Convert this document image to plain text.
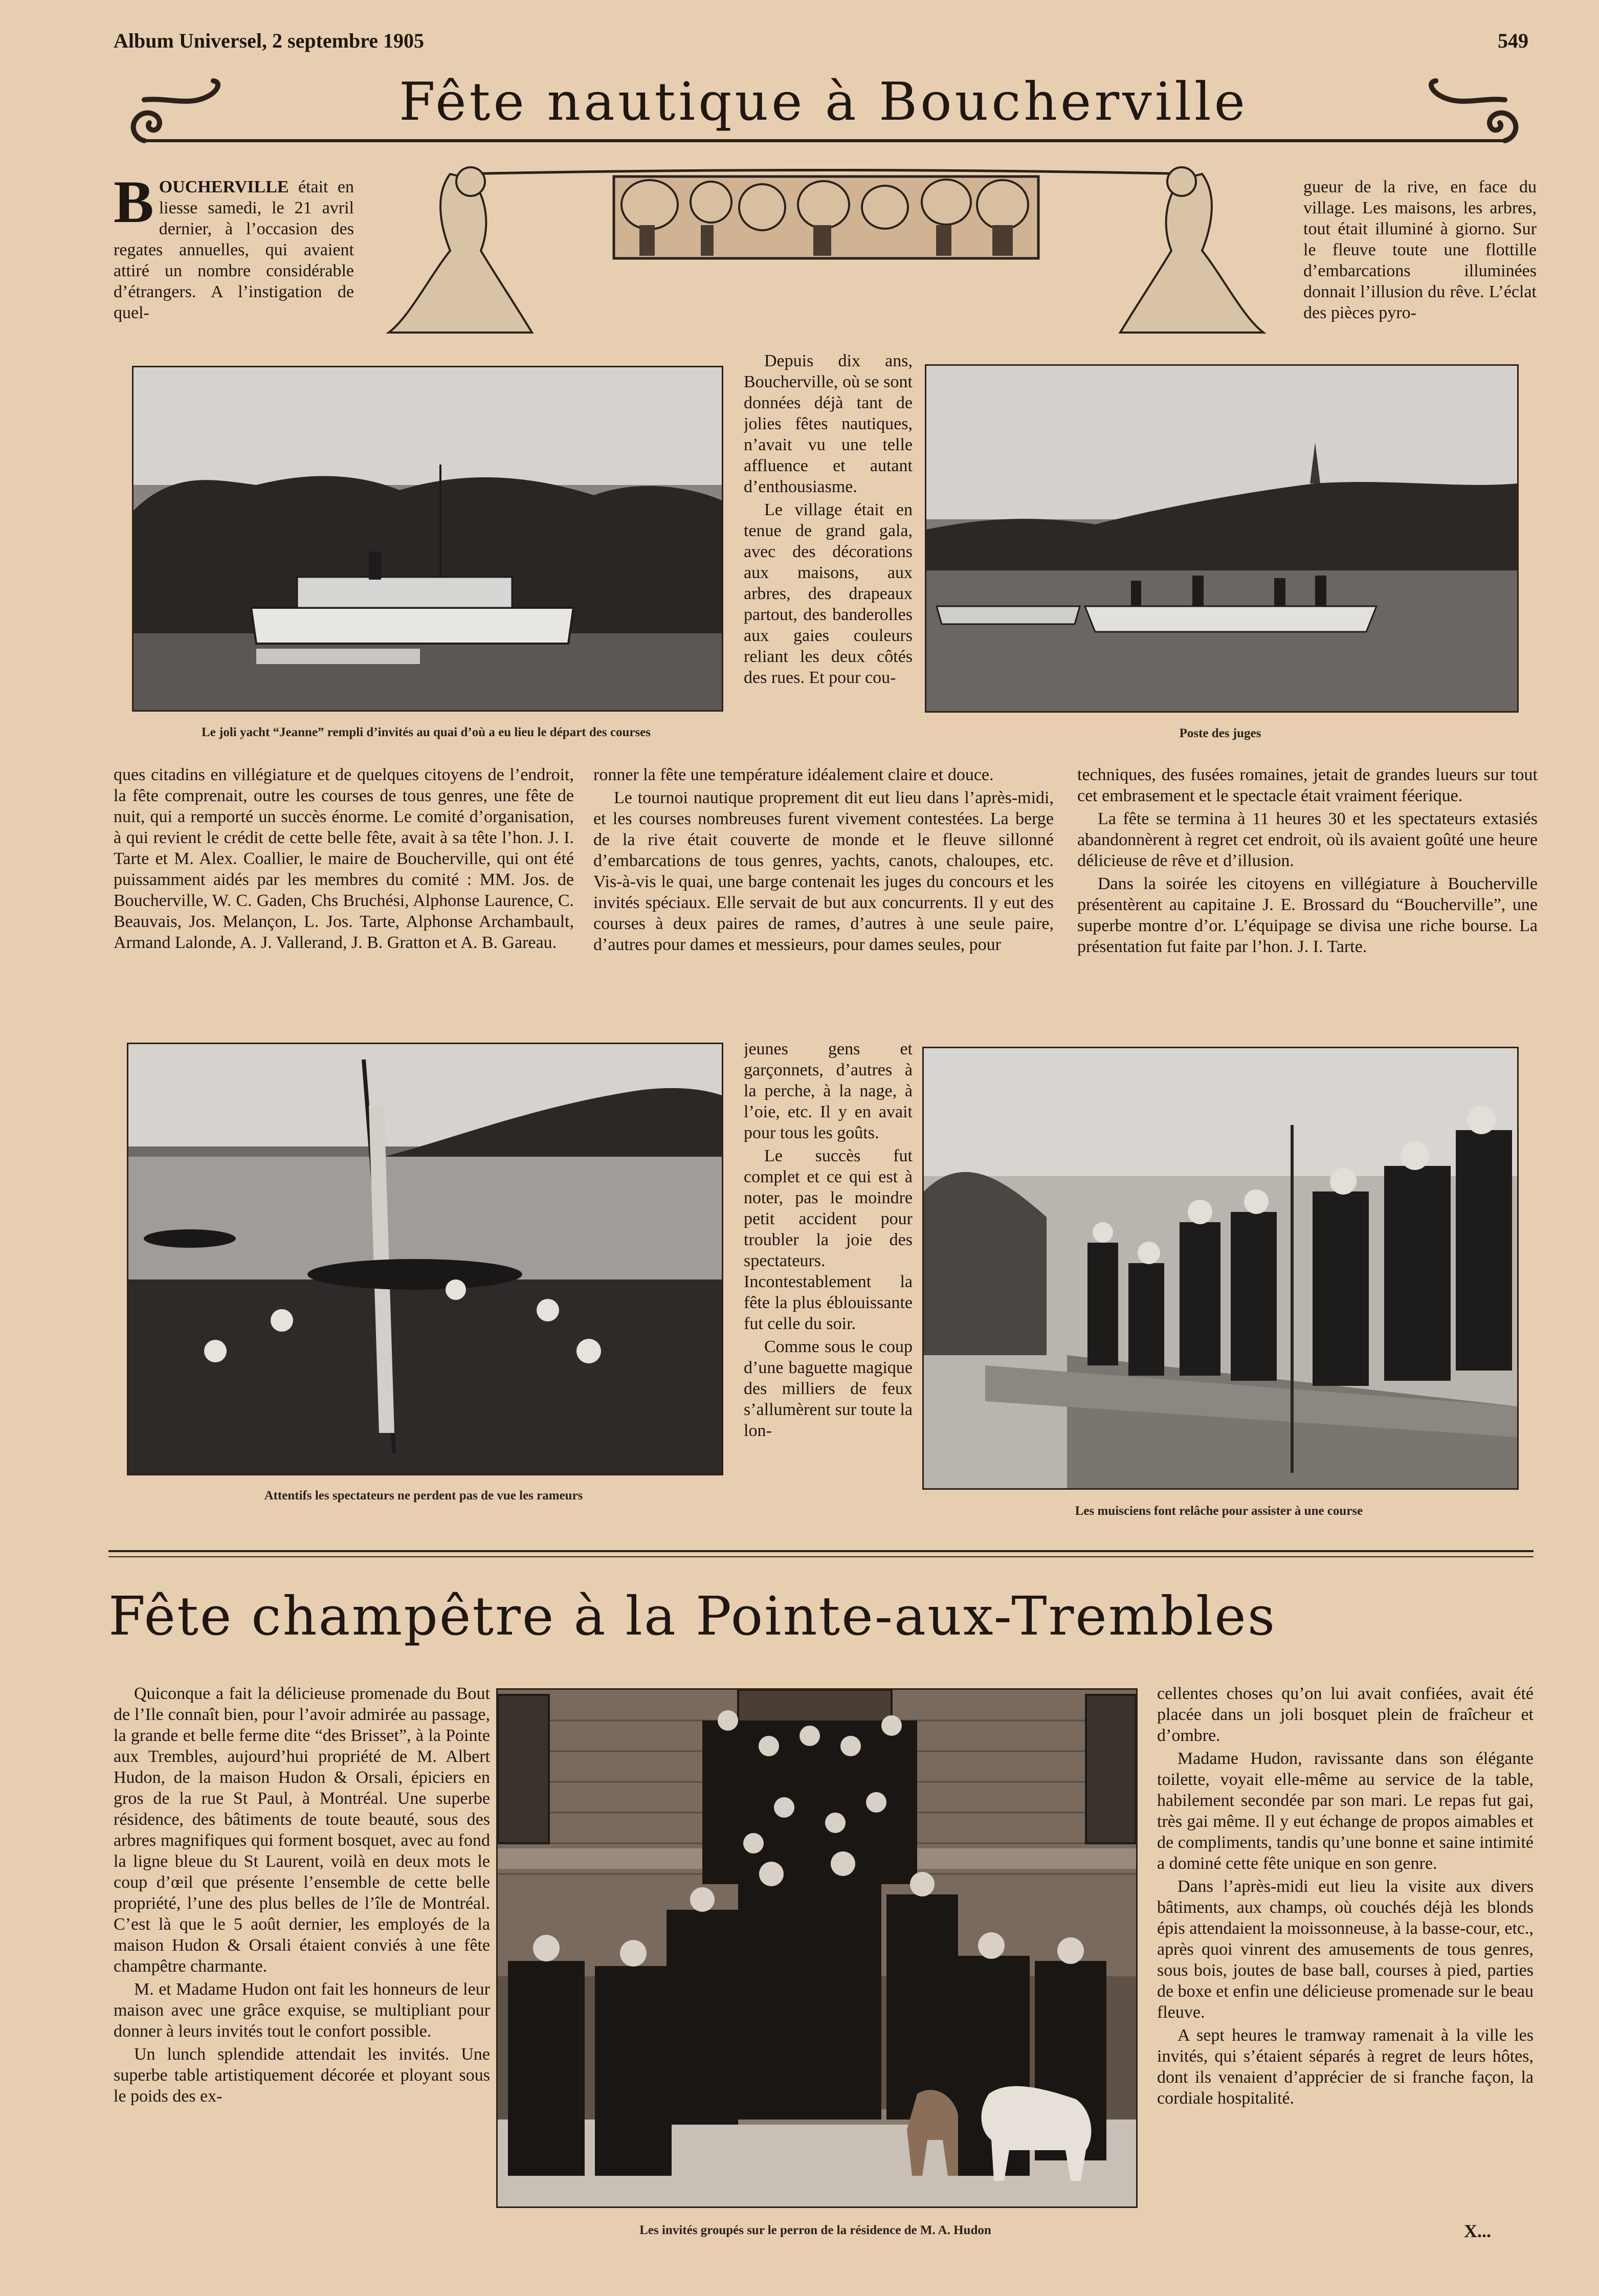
Album Universel, 2 septembre 1905	549
Fête nautique à Boucherville

BOUCHERVILLE était en liesse samedi, le 21 avril dernier, à l’occasion des regates annuelles, qui avaient attiré un nombre considérable d’étrangers. A l’instigation de quel-

gueur de la rive, en face du village. Les maisons, les arbres, tout était illuminé à giorno. Sur le fleuve toute une flottille d’embarcations illuminées donnait l’illusion du rêve. L’éclat des pièces pyro-

Depuis dix ans, Boucherville, où se sont données déjà tant de jolies fêtes nautiques, n’avait vu une telle affluence et autant d’enthousiasme.

Le village était en tenue de grand gala, avec des décorations aux maisons, aux arbres, des drapeaux partout, des banderolles aux gaies couleurs reliant les deux côtés des rues. Et pour cou-

Le joli yacht “Jeanne” rempli d’invités au quai d’où a eu lieu le départ des courses	Poste des juges

ques citadins en villégiature et de quelques citoyens de l’endroit, la fête comprenait, outre les courses de tous genres, une fête de nuit, qui a remporté un succès énorme. Le comité d’organisation, à qui revient le crédit de cette belle fête, avait à sa tête l’hon. J. I. Tarte et M. Alex. Coallier, le maire de Boucherville, qui ont été puissamment aidés par les membres du comité : MM. Jos. de Boucherville, W. C. Gaden, Chs Bruchési, Alphonse Laurence, C. Beauvais, Jos. Melançon, L. Jos. Tarte, Alphonse Archambault, Armand Lalonde, A. J. Vallerand, J. B. Gratton et A. B. Gareau.

ronner la fête une température idéalement claire et douce.

Le tournoi nautique proprement dit eut lieu dans l’après-midi, et les courses nombreuses furent vivement contestées. La berge de la rive était couverte de monde et le fleuve sillonné d’embarcations de tous genres, yachts, canots, chaloupes, etc. Vis-à-vis le quai, une barge contenait les juges du concours et les invités spéciaux. Elle servait de but aux concurrents. Il y eut des courses à deux paires de rames, d’autres à une seule paire, d’autres pour dames et messieurs, pour dames seules, pour

techniques, des fusées romaines, jetait de grandes lueurs sur tout cet embrasement et le spectacle était vraiment féerique.

La fête se termina à 11 heures 30 et les spectateurs extasiés abandonnèrent à regret cet endroit, où ils avaient goûté une heure délicieuse de rêve et d’illusion.

Dans la soirée les citoyens en villégiature à Boucherville présentèrent au capitaine J. E. Brossard du “Boucherville”, une superbe montre d’or. L’équipage se divisa une riche bourse. La présentation fut faite par l’hon. J. I. Tarte.

Attentifs les spectateurs ne perdent pas de vue les rameurs

jeunes gens et garçonnets, d’autres à la perche, à la nage, à l’oie, etc. Il y en avait pour tous les goûts.

Le succès fut complet et ce qui est à noter, pas le moindre petit accident pour troubler la joie des spectateurs. Incontestablement la fête la plus éblouissante fut celle du soir.

Comme sous le coup d’une baguette magique des milliers de feux s’allumèrent sur toute la lon-

Les muisciens font relâche pour assister à une course
Fête champêtre à la Pointe-aux-Trembles

Quiconque a fait la délicieuse promenade du Bout de l’Ile connaît bien, pour l’avoir admirée au passage, la grande et belle ferme dite “des Brisset”, à la Pointe aux Trembles, aujourd’hui propriété de M. Albert Hudon, de la maison Hudon & Orsali, épiciers en gros de la rue St Paul, à Montréal. Une superbe résidence, des bâtiments de toute beauté, sous des arbres magnifiques qui forment bosquet, avec au fond la ligne bleue du St Laurent, voilà en deux mots le coup d’œil que présente l’ensemble de cette belle propriété, l’une des plus belles de l’île de Montréal. C’est là que le 5 août dernier, les employés de la maison Hudon & Orsali étaient conviés à une fête champêtre charmante.

M. et Madame Hudon ont fait les honneurs de leur maison avec une grâce exquise, se multipliant pour donner à leurs invités tout le confort possible.

Un lunch splendide attendait les invités. Une superbe table artistiquement décorée et ployant sous le poids des ex-

Les invités groupés sur le perron de la résidence de M. A. Hudon

cellentes choses qu’on lui avait confiées, avait été placée dans un joli bosquet plein de fraîcheur et d’ombre.

Madame Hudon, ravissante dans son élégante toilette, voyait elle-même au service de la table, habilement secondée par son mari. Le repas fut gai, très gai même. Il y eut échange de propos aimables et de compliments, tandis qu’une bonne et saine intimité a dominé cette fête unique en son genre.

Dans l’après-midi eut lieu la visite aux divers bâtiments, aux champs, où couchés déjà les blonds épis attendaient la moissonneuse, à la basse-cour, etc., après quoi vinrent des amusements de tous genres, sous bois, joutes de base ball, courses à pied, parties de boxe et enfin une délicieuse promenade sur le beau fleuve.

A sept heures le tramway ramenait à la ville les invités, qui s’étaient séparés à regret de leurs hôtes, dont ils venaient d’apprécier de si franche façon, la cordiale hospitalité.

X...
